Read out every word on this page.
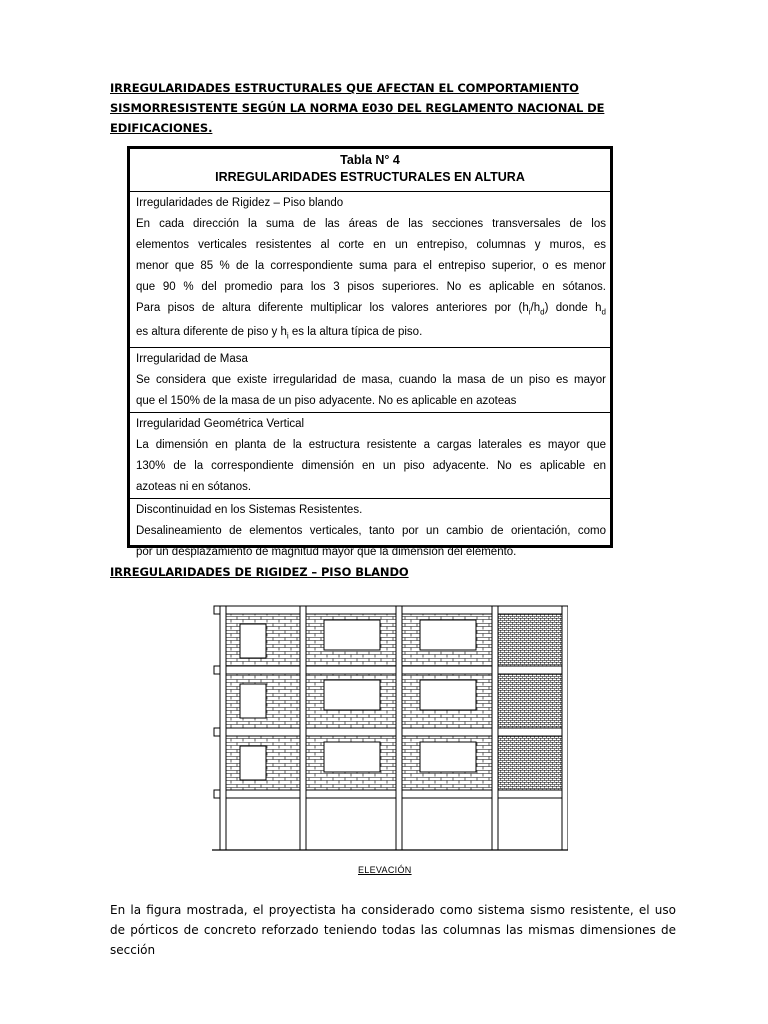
IRREGULARIDADES ESTRUCTURALES QUE AFECTAN EL COMPORTAMIENTO SISMORRESISTENTE SEGÚN LA NORMA E030 DEL REGLAMENTO NACIONAL DE EDIFICACIONES.
Tabla N° 4
IRREGULARIDADES ESTRUCTURALES EN ALTURA
Irregularidades de Rigidez – Piso blando
En cada dirección la suma de las áreas de las secciones transversales de los
elementos verticales resistentes al corte en un entrepiso, columnas y muros, es
menor que 85 % de la correspondiente suma para el entrepiso superior, o es menor
que 90 % del promedio para los 3 pisos superiores. No es aplicable en sótanos.
Para pisos de altura diferente multiplicar los valores anteriores por $(h_i/h_d)$ donde $h_d$
es altura diferente de piso y $h_i$ es la altura típica de piso.
Irregularidad de Masa
Se considera que existe irregularidad de masa, cuando la masa de un piso es mayor
que el 150% de la masa de un piso adyacente. No es aplicable en azoteas
Irregularidad Geométrica Vertical
La dimensión en planta de la estructura resistente a cargas laterales es mayor que
130% de la correspondiente dimensión en un piso adyacente. No es aplicable en
azoteas ni en sótanos.
Discontinuidad en los Sistemas Resistentes.
Desalineamiento de elementos verticales, tanto por un cambio de orientación, como
por un desplazamiento de magnitud mayor que la dimensión del elemento.
IRREGULARIDADES DE RIGIDEZ – PISO BLANDO
ELEVACIÓN
En la figura mostrada, el proyectista ha considerado como sistema sismo resistente, el uso de pórticos de concreto reforzado teniendo todas las columnas las mismas dimensiones de sección
